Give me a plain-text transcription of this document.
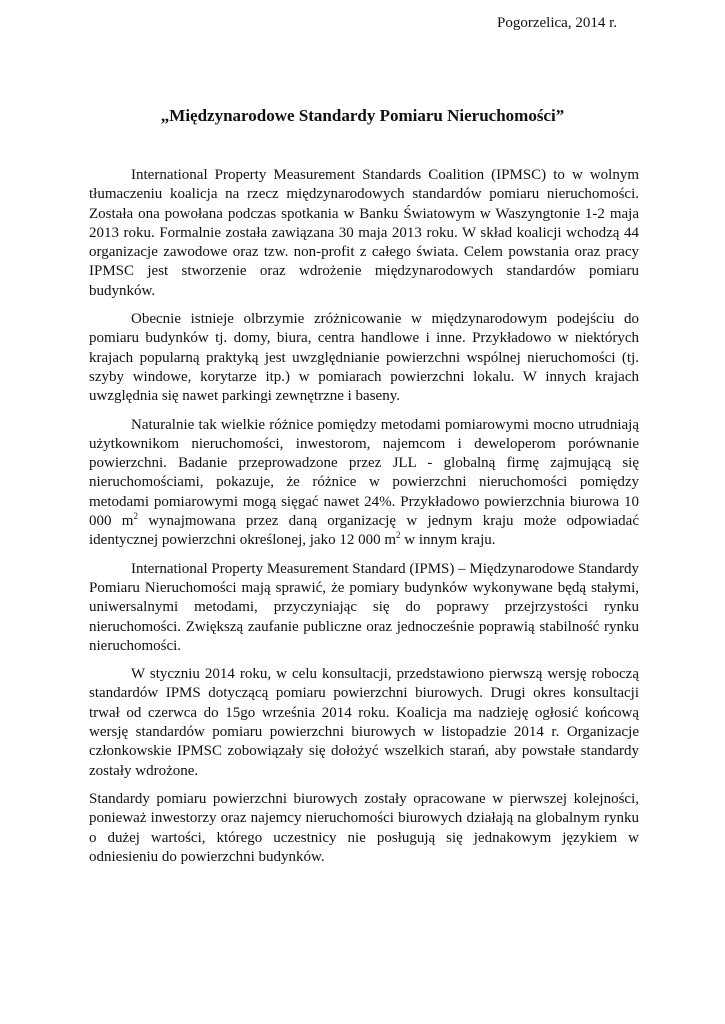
Pogorzelica, 2014 r.
„Międzynarodowe Standardy Pomiaru Nieruchomości”

International Property Measurement Standards Coalition (IPMSC) to w wolnym tłumaczeniu koalicja na rzecz międzynarodowych standardów pomiaru nieruchomości. Została ona powołana podczas spotkania w Banku Światowym w Waszyngtonie 1-2 maja 2013 roku. Formalnie została zawiązana 30 maja 2013 roku. W skład koalicji wchodzą 44 organizacje zawodowe oraz tzw. non-profit z całego świata. Celem powstania oraz pracy IPMSC jest stworzenie oraz wdrożenie międzynarodowych standardów pomiaru budynków.

Obecnie istnieje olbrzymie zróżnicowanie w międzynarodowym podejściu do pomiaru budynków tj. domy, biura, centra handlowe i inne. Przykładowo w niektórych krajach popularną praktyką jest uwzględnianie powierzchni wspólnej nieruchomości (tj. szyby windowe, korytarze itp.) w pomiarach powierzchni lokalu. W innych krajach uwzględnia się nawet parkingi zewnętrzne i baseny.

Naturalnie tak wielkie różnice pomiędzy metodami pomiarowymi mocno utrudniają użytkownikom nieruchomości, inwestorom, najemcom i deweloperom porównanie powierzchni. Badanie przeprowadzone przez JLL - globalną firmę zajmującą się nieruchomościami, pokazuje, że różnice w powierzchni nieruchomości pomiędzy metodami pomiarowymi mogą sięgać nawet 24%. Przykładowo powierzchnia biurowa 10 000 $m^2$ wynajmowana przez daną organizację w jednym kraju może odpowiadać identycznej powierzchni określonej, jako 12 000 $m^2$ w innym kraju.

International Property Measurement Standard (IPMS) – Międzynarodowe Standardy Pomiaru Nieruchomości mają sprawić, że pomiary budynków wykonywane będą stałymi, uniwersalnymi metodami, przyczyniając się do poprawy przejrzystości rynku nieruchomości. Zwiększą zaufanie publiczne oraz jednocześnie poprawią stabilność rynku nieruchomości.

W styczniu 2014 roku, w celu konsultacji, przedstawiono pierwszą wersję roboczą standardów IPMS dotyczącą pomiaru powierzchni biurowych. Drugi okres konsultacji trwał od czerwca do 15go września 2014 roku. Koalicja ma nadzieję ogłosić końcową wersję standardów pomiaru powierzchni biurowych w listopadzie 2014 r. Organizacje członkowskie IPMSC zobowiązały się dołożyć wszelkich starań, aby powstałe standardy zostały wdrożone.

Standardy pomiaru powierzchni biurowych zostały opracowane w pierwszej kolejności, ponieważ inwestorzy oraz najemcy nieruchomości biurowych działają na globalnym rynku o dużej wartości, którego uczestnicy nie posługują się jednakowym językiem w odniesieniu do powierzchni budynków.
